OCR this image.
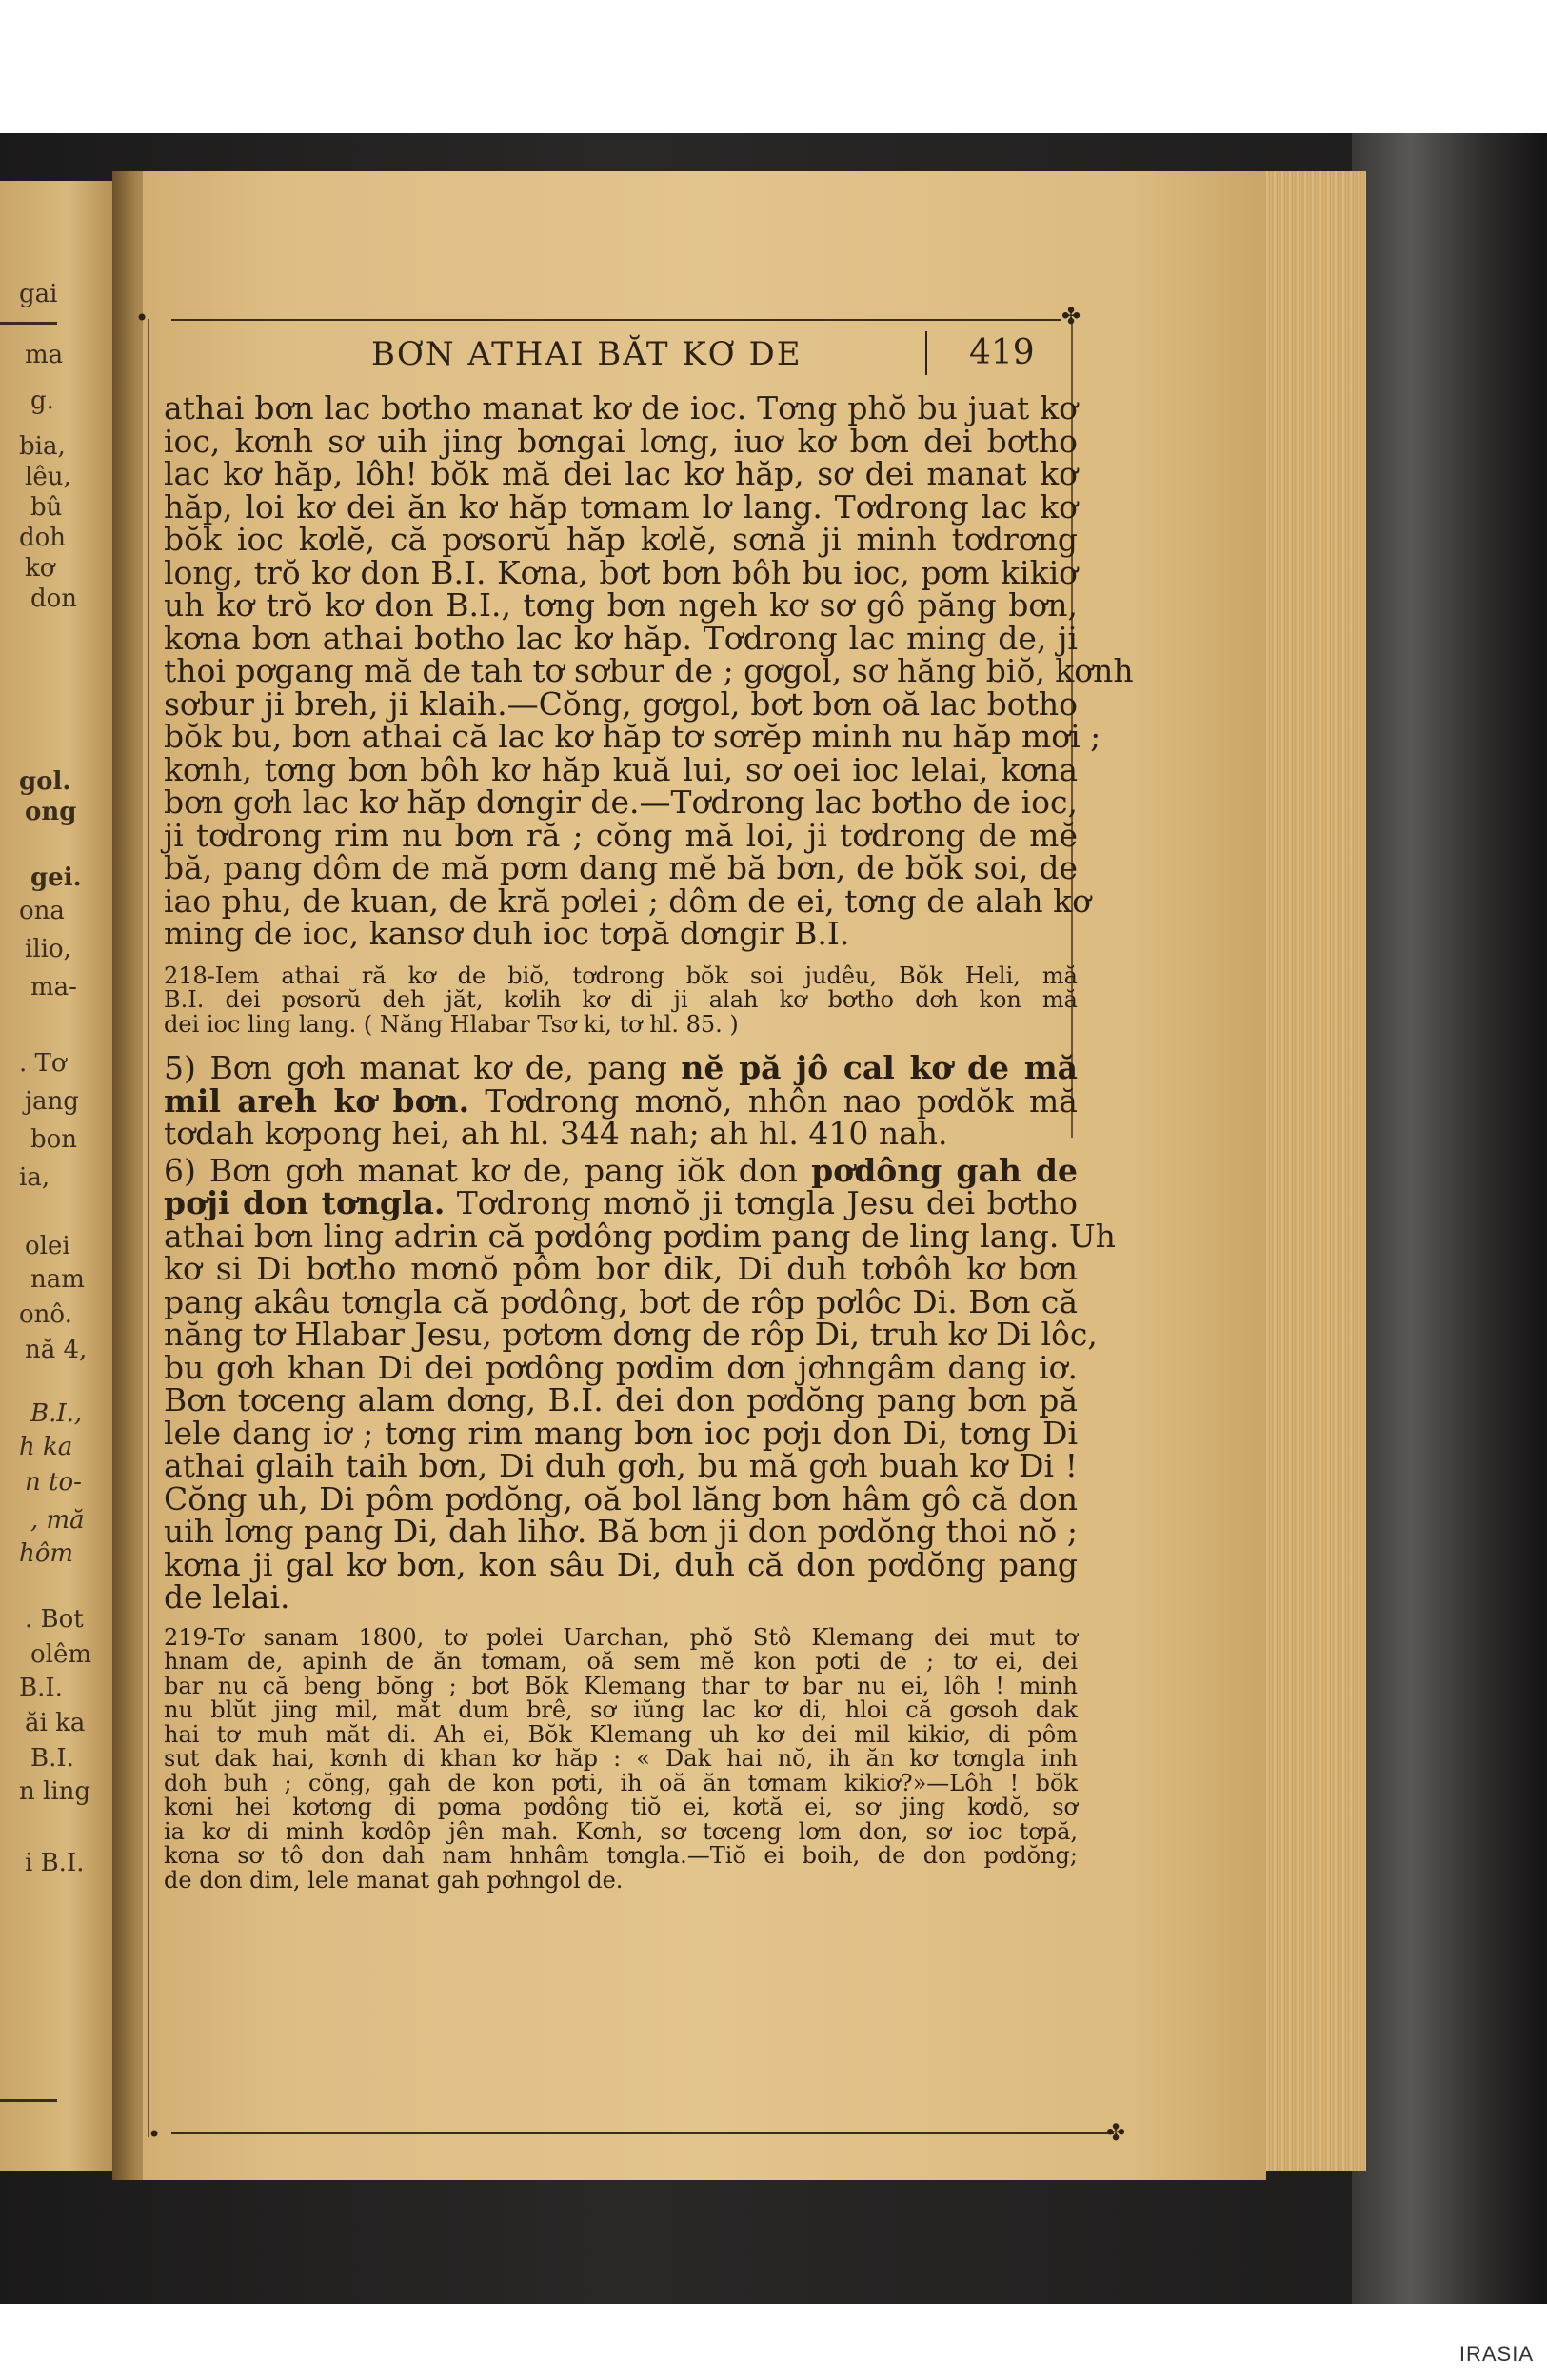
gai
ma
g.
bia,
lêu,
bû
doh
kơ
don
gol.
ong
gei.
ona
ilio,
ma-
. Tơ
jang
bon
ia,
olei
nam
onô.
nă 4,
B.I.,
h ka
n to-
, mă
hôm
. Bot
olêm
B.I.
ăi ka
B.I.
n ling
i B.I.
•	✤
BƠN ATHAI BĂT KƠ DE	419
athai bơn lac bơtho manat kơ de ioc. Tơng phŏ bu juat kơ
ioc, kơnh sơ uih jing bơngai lơng, iuơ kơ bơn dei bơtho
lac kơ hăp, lôh! bŏk mă dei lac kơ hăp, sơ dei manat kơ
hăp, loi kơ dei ăn kơ hăp tơmam lơ lang. Tơdrong lac kơ
bŏk ioc kơlĕ, că pơsorŭ hăp kơlĕ, sơnă ji minh tơdrơng
long, trŏ kơ don B.I. Kơna, bơt bơn bôh bu ioc, pơm kikiơ
uh kơ trŏ kơ don B.I., tơng bơn ngeh kơ sơ gô păng bơn,
kơna bơn athai botho lac kơ hăp. Tơdrong lac ming de, ji
thoi pơgang mă de tah tơ sơbur de ; gơgol, sơ hăng biŏ, kơnh
sơbur ji breh, ji klaih.—Cŏng, gơgol, bơt bơn oă lac botho
bŏk bu, bơn athai că lac kơ hăp tơ sơrĕp minh nu hăp mơi ;
kơnh, tơng bơn bôh kơ hăp kuă lui, sơ oei ioc lelai, kơna
bơn gơh lac kơ hăp dơngir de.—Tơdrong lac bơtho de ioc,
ji tơdrong rim nu bơn ră ; cŏng mă loi, ji tơdrong de mĕ
bă, pang dôm de mă pơm dang mĕ bă bơn, de bŏk soi, de
iao phu, de kuan, de kră pơlei ; dôm de ei, tơng de alah kơ
ming de ioc, kansơ duh ioc tơpă dơngir B.I.
218-Iem athai ră kơ de biŏ, tơdrong bŏk soi judêu, Bŏk Heli, mă
B.I. dei pơsorŭ deh jăt, kơlih kơ di ji alah kơ bơtho dơh kon mă
dei ioc ling lang. ( Năng Hlabar Tsơ ki, tơ hl. 85. )
5) Bơn gơh manat kơ de, pang nĕ pă jô cal kơ de mă
mil areh kơ bơn. Tơdrong mơnŏ, nhôn nao pơdŏk mă
tơdah kơpong hei, ah hl. 344 nah; ah hl. 410 nah.
6) Bơn gơh manat kơ de, pang iŏk don pơdông gah de
pơji don tơngla. Tơdrong mơnŏ ji tơngla Jesu dei bơtho
athai bơn ling adrin că pơdông pơdim pang de ling lang. Uh
kơ si Di bơtho mơnŏ pôm bor dik, Di duh tơbôh kơ bơn
pang akâu tơngla că pơdông, bơt de rôp pơlôc Di. Bơn că
năng tơ Hlabar Jesu, pơtơm dơng de rôp Di, truh kơ Di lôc,
bu gơh khan Di dei pơdông pơdim dơn jơhngâm dang iơ.
Bơn tơceng alam dơng, B.I. dei don pơdŏng pang bơn pă
lele dang iơ ; tơng rim mang bơn ioc pơjı don Di, tơng Di
athai glaih taih bơn, Di duh gơh, bu mă gơh buah kơ Di !
Cŏng uh, Di pôm pơdŏng, oă bol lăng bơn hâm gô că don
uih lơng pang Di, dah lihơ. Bă bơn ji don pơdŏng thoi nŏ ;
kơna ji gal kơ bơn, kon sâu Di, duh că don pơdŏng pang
de lelai.
219-Tơ sanam 1800, tơ pơlei Uarchan, phŏ Stô Klemang dei mut tơ
hnam de, apinh de ăn tơmam, oă sem mĕ kon pơti de ; tơ ei, dei
bar nu că beng bŏng ; bơt Bŏk Klemang thar tơ bar nu ei, lôh ! minh
nu blŭt jing mil, măt dum brê, sơ iŭng lac kơ di, hloi că gơsoh dak
hai tơ muh măt di. Ah ei, Bŏk Klemang uh kơ dei mil kikiơ, di pôm
sut dak hai, kơnh di khan kơ hăp : « Dak hai nŏ, ih ăn kơ tơngla inh
doh buh ; cŏng, gah de kon pơti, ih oă ăn tơmam kikiơ?»—Lôh ! bŏk
kơni hei kơtơng di pơma pơdông tiŏ ei, kơtă ei, sơ jing kơdŏ, sơ
ia kơ di minh kơdôp jên mah. Kơnh, sơ tơceng lơm don, sơ ioc tơpă,
kơna sơ tô don dah nam hnhâm tơngla.—Tiŏ ei boih, de don pơdŏng;
de don dim, lele manat gah pơhngol de.
•	✤
IRASIA
